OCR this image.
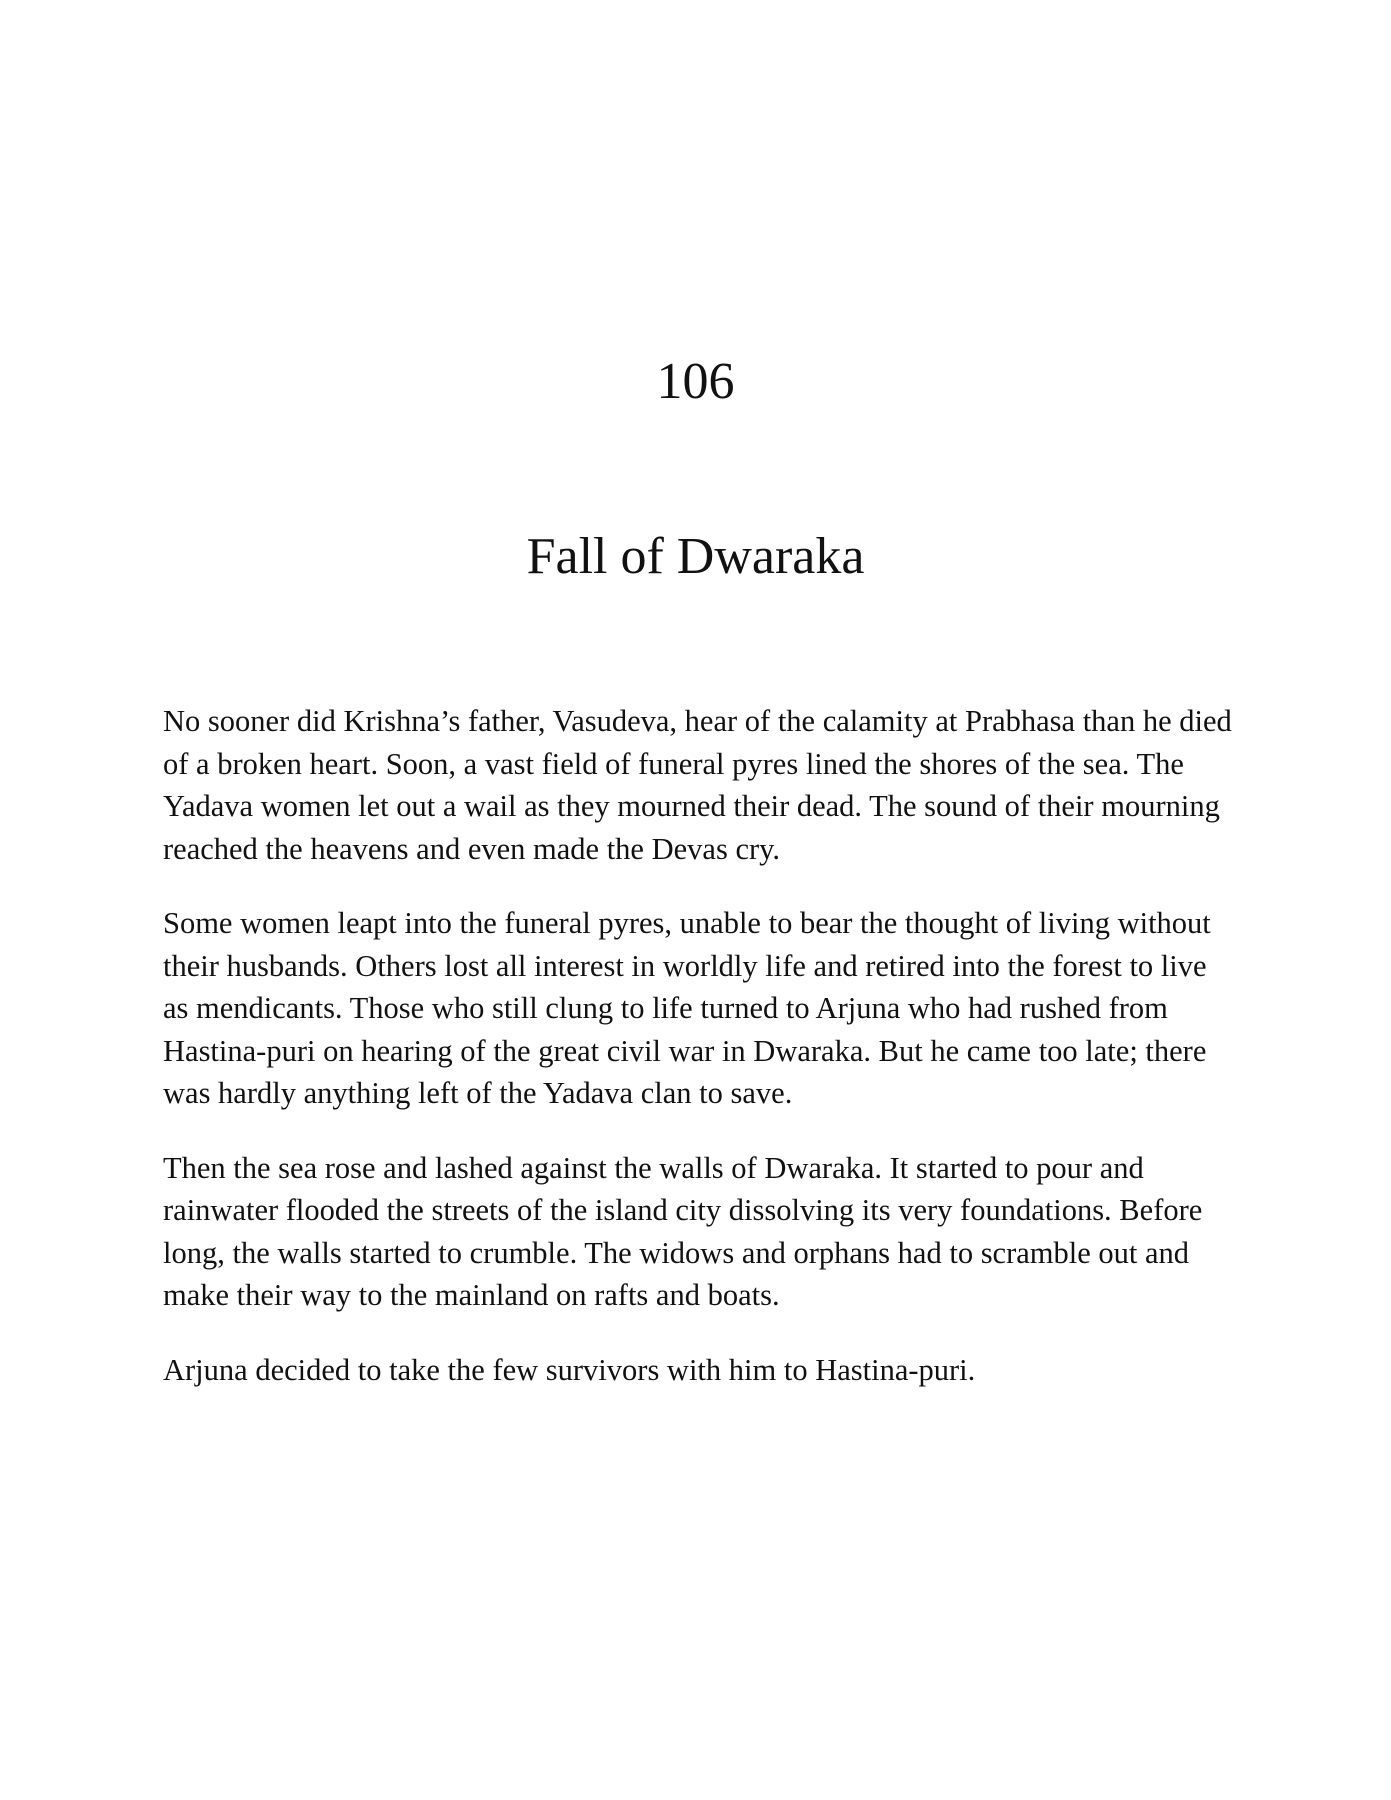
106
Fall of Dwaraka

No sooner did Krishna’s father, Vasudeva, hear of the calamity at Prabhasa than he died of a broken heart. Soon, a vast field of funeral pyres lined the shores of the sea. The Yadava women let out a wail as they mourned their dead. The sound of their mourning reached the heavens and even made the Devas cry.

Some women leapt into the funeral pyres, unable to bear the thought of living without their husbands. Others lost all interest in worldly life and retired into the forest to live as mendicants. Those who still clung to life turned to Arjuna who had rushed from Hastina-puri on hearing of the great civil war in Dwaraka. But he came too late; there was hardly anything left of the Yadava clan to save.

Then the sea rose and lashed against the walls of Dwaraka. It started to pour and rainwater flooded the streets of the island city dissolving its very foundations. Before long, the walls started to crumble. The widows and orphans had to scramble out and make their way to the mainland on rafts and boats.

Arjuna decided to take the few survivors with him to Hastina-puri.
